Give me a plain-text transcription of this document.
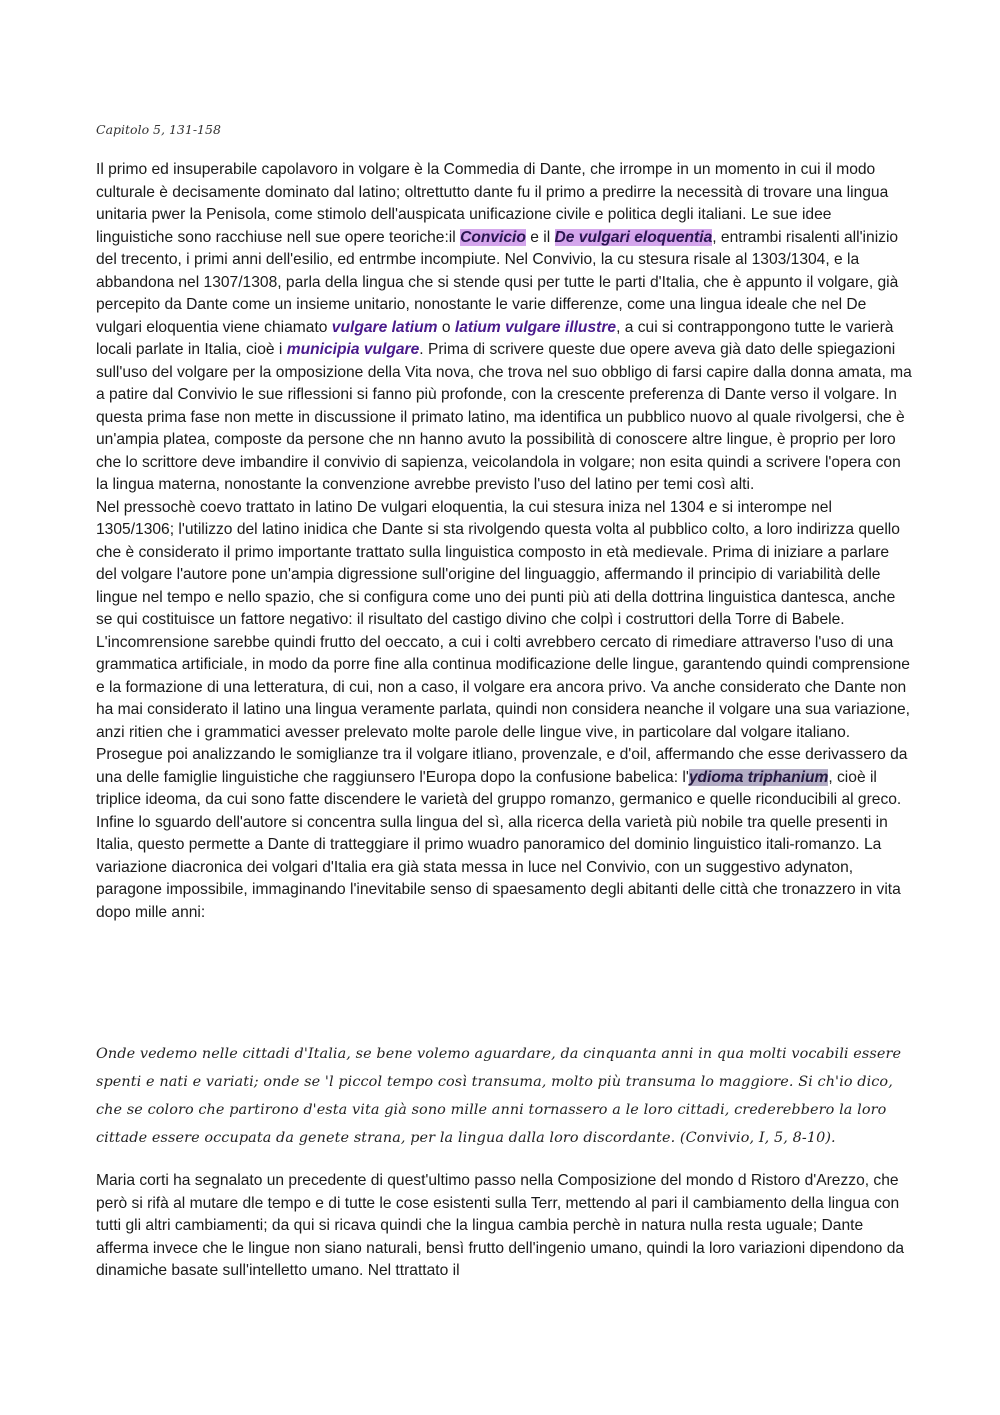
Capitolo 5, 131-158

Il primo ed insuperabile capolavoro in volgare è la Commedia di Dante, che irrompe in un momento in cui il modo culturale è decisamente dominato dal latino; oltrettutto dante fu il primo a predirre la necessità di trovare una lingua unitaria pwer la Penisola, come stimolo dell'auspicata unificazione civile e politica degli italiani. Le sue idee linguistiche sono racchiuse nell sue opere teoriche:il Convicio e il De vulgari eloquentia, entrambi risalenti all'inizio del trecento, i primi anni dell'esilio, ed entrmbe incompiute. Nel Convivio, la cu stesura risale al 1303/1304, e la abbandona nel 1307/1308, parla della lingua che si stende qusi per tutte le parti d'Italia, che è appunto il volgare, già percepito da Dante come un insieme unitario, nonostante le varie differenze, come una lingua ideale che nel De vulgari eloquentia viene chiamato vulgare latium o latium vulgare illustre, a cui si contrappongono tutte le varierà locali parlate in Italia, cioè i municipia vulgare. Prima di scrivere queste due opere aveva già dato delle spiegazioni sull'uso del volgare per la omposizione della Vita nova, che trova nel suo obbligo di farsi capire dalla donna amata, ma a patire dal Convivio le sue riflessioni si fanno più profonde, con la crescente preferenza di Dante verso il volgare. In questa prima fase non mette in discussione il primato latino, ma identifica un pubblico nuovo al quale rivolgersi, che è un'ampia platea, composte da persone che nn hanno avuto la possibilità di conoscere altre lingue, è proprio per loro che lo scrittore deve imbandire il convivio di sapienza, veicolandola in volgare; non esita quindi a scrivere l'opera con la lingua materna, nonostante la convenzione avrebbe previsto l'uso del latino per temi così alti.

Nel pressochè coevo trattato in latino De vulgari eloquentia, la cui stesura iniza nel 1304 e si interompe nel 1305/1306; l'utilizzo del latino inidica che Dante si sta rivolgendo questa volta al pubblico colto, a loro indirizza quello che è considerato il primo importante trattato sulla linguistica composto in età medievale. Prima di iniziare a parlare del volgare l'autore pone un'ampia digressione sull'origine del linguaggio, affermando il principio di variabilità delle lingue nel tempo e nello spazio, che si configura come uno dei punti più ati della dottrina linguistica dantesca, anche se qui costituisce un fattore negativo: il risultato del castigo divino che colpì i costruttori della Torre di Babele. L'incomrensione sarebbe quindi frutto del oeccato, a cui i colti avrebbero cercato di rimediare attraverso l'uso di una grammatica artificiale, in modo da porre fine alla continua modificazione delle lingue, garantendo quindi comprensione e la formazione di una letteratura, di cui, non a caso, il volgare era ancora privo. Va anche considerato che Dante non ha mai considerato il latino una lingua veramente parlata, quindi non considera neanche il volgare una sua variazione, anzi ritien che i grammatici avesser prelevato molte parole delle lingue vive, in particolare dal volgare italiano. Prosegue poi analizzando le somiglianze tra il volgare itliano, provenzale, e d'oil, affermando che esse derivassero da una delle famiglie linguistiche che raggiunsero l'Europa dopo la confusione babelica: l'ydioma triphanium, cioè il triplice ideoma, da cui sono fatte discendere le varietà del gruppo romanzo, germanico e quelle riconducibili al greco. Infine lo sguardo dell'autore si concentra sulla lingua del sì, alla ricerca della varietà più nobile tra quelle presenti in Italia, questo permette a Dante di tratteggiare il primo wuadro panoramico del dominio linguistico itali-romanzo. La variazione diacronica dei volgari d'Italia era già stata messa in luce nel Convivio, con un suggestivo adynaton, paragone impossibile, immaginando l'inevitabile senso di spaesamento degli abitanti delle città che tronazzero in vita dopo mille anni:

Onde vedemo nelle cittadi d'Italia, se bene volemo aguardare, da cinquanta anni in qua molti vocabili essere spenti e nati e variati; onde se 'l piccol tempo così transuma, molto più transuma lo maggiore. Si ch'io dico, che se coloro che partirono d'esta vita già sono mille anni tornassero a le loro cittadi, crederebbero la loro cittade essere occupata da genete strana, per la lingua dalla loro discordante. (Convivio, I, 5, 8-10).
Maria corti ha segnalato un precedente di quest'ultimo passo nella Composizione del mondo d Ristoro d'Arezzo, che però si rifà al mutare dle tempo e di tutte le cose esistenti sulla Terr, mettendo al pari il cambiamento della lingua con tutti gli altri cambiamenti; da qui si ricava quindi che la lingua cambia perchè in natura nulla resta uguale; Dante afferma invece che le lingue non siano naturali, bensì frutto dell'ingenio umano, quindi la loro variazioni dipendono da dinamiche basate sull'intelletto umano. Nel ttrattato il
